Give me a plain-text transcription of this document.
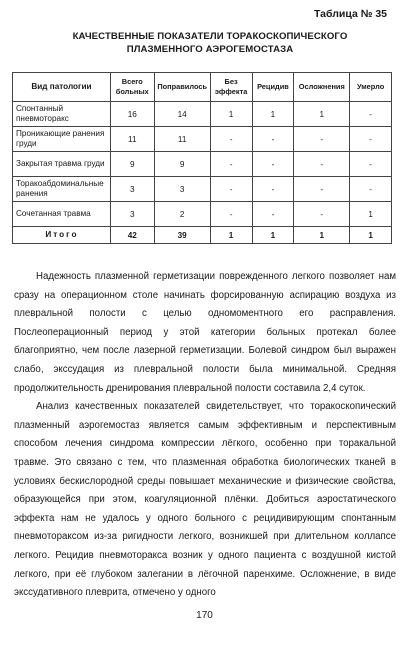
Таблица № 35
КАЧЕСТВЕННЫЕ ПОКАЗАТЕЛИ ТОРАКОСКОПИЧЕСКОГО
ПЛАЗМЕННОГО АЭРОГЕМОСТАЗА
Вид патологии	Всего больных	Поправилось	Без эффекта	Рецидив	Осложнения	Умерло
Спонтанный пневмоторакс	16	14	1	1	1	-
Проникающие ранения груди	11	11	-	-	-	-
Закрытая травма груди	9	9	-	-	-	-
Торакоабдоминальные ранения	3	3	-	-	-	-
Сочетанная травма	3	2	-	-	-	1
Итого	42	39	1	1	1	1

Надежность плазменной герметизации поврежденного легкого позволяет нам сразу на операционном столе начинать форсированную аспирацию воздуха из плевральной полости с целью одномоментного его расправления. Послеоперационный период у этой категории больных протекал более благоприятно, чем после лазерной герметизации. Болевой синдром был выражен слабо, экссудация из плевральной полости была минимальной. Средняя продолжительность дренирования плевральной полости составила 2,4 суток.

Анализ качественных показателей свидетельствует, что торакоскопический плазменный аэрогемостаз является самым эффективным и перспективным способом лечения синдрома компрессии лёгкого, особенно при торакальной травме. Это связано с тем, что плазменная обработка биологических тканей в условиях бескислородной среды повышает механические и физические свойства, образующейся при этом, коагуляционной плёнки. Добиться аэростатического эффекта нам не удалось у одного больного с рецидивирующим спонтанным пневмотораксом из-за ригидности легкого, возникшей при длительном коллапсе легкого. Рецидив пневмоторакса возник у одного пациента с воздушной кистой легкого, при её глубоком залегании в лёгочной паренхиме. Осложнение, в виде экссудативного плеврита, отмечено у одного

170
